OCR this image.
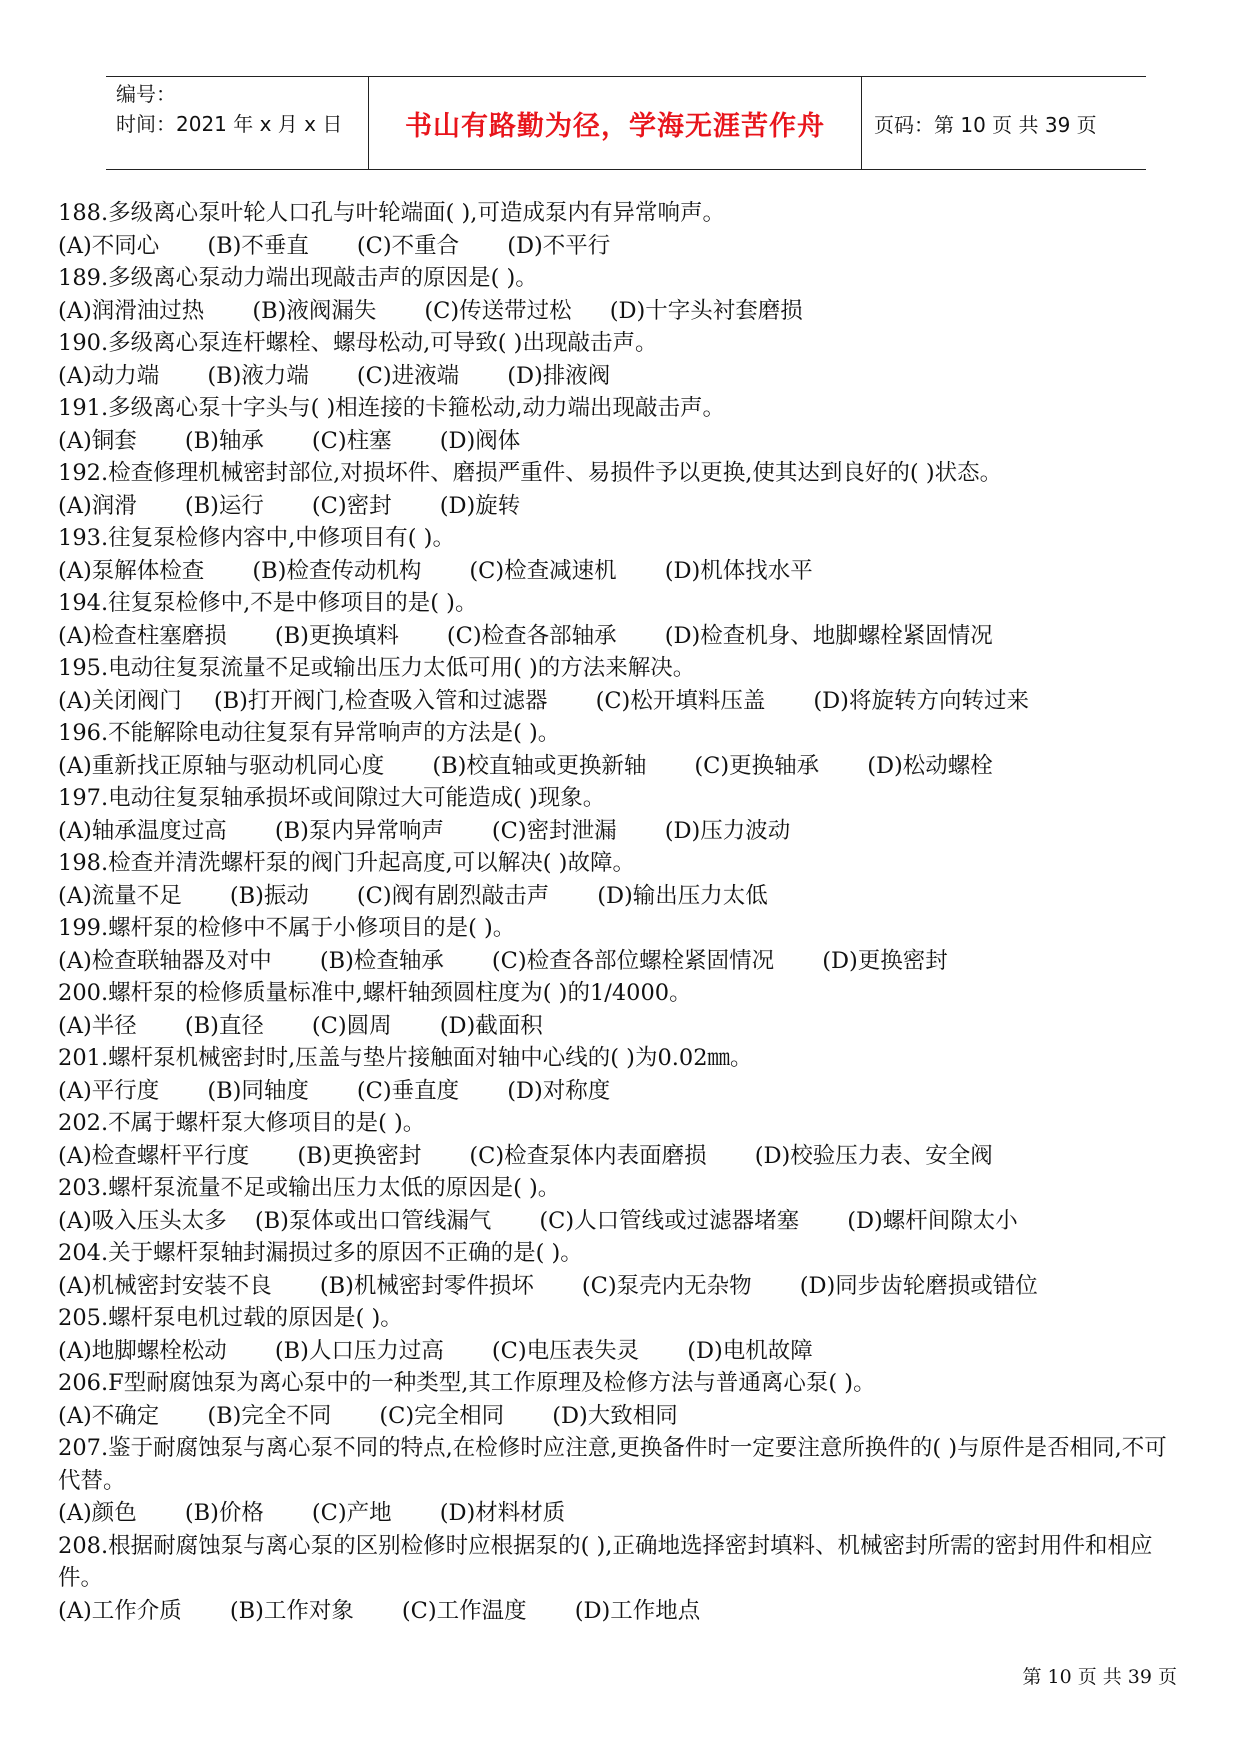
编号：
时间：2021 年 x 月 x 日	书山有路勤为径，学海无涯苦作舟 页码：第 10 页 共 39 页
188.多级离心泵叶轮人口孔与叶轮端面( ),可造成泵内有异常响声。
(A)不同心 (B)不垂直 (C)不重合 (D)不平行
189.多级离心泵动力端出现敲击声的原因是( )。
(A)润滑油过热 (B)液阀漏失 (C)传送带过松 (D)十字头衬套磨损
190.多级离心泵连杆螺栓、螺母松动,可导致( )出现敲击声。
(A)动力端 (B)液力端 (C)进液端 (D)排液阀
191.多级离心泵十字头与( )相连接的卡箍松动,动力端出现敲击声。
(A)铜套 (B)轴承 (C)柱塞 (D)阀体
192.检查修理机械密封部位,对损坏件、磨损严重件、易损件予以更换,使其达到良好的( )状态。
(A)润滑 (B)运行 (C)密封 (D)旋转
193.往复泵检修内容中,中修项目有( )。
(A)泵解体检查 (B)检查传动机构 (C)检查减速机 (D)机体找水平
194.往复泵检修中,不是中修项目的是( )。
(A)检查柱塞磨损 (B)更换填料 (C)检查各部轴承 (D)检查机身、地脚螺栓紧固情况
195.电动往复泵流量不足或输出压力太低可用( )的方法来解决。
(A)关闭阀门 (B)打开阀门,检查吸入管和过滤器 (C)松开填料压盖 (D)将旋转方向转过来
196.不能解除电动往复泵有异常响声的方法是( )。
(A)重新找正原轴与驱动机同心度 (B)校直轴或更换新轴 (C)更换轴承 (D)松动螺栓
197.电动往复泵轴承损坏或间隙过大可能造成( )现象。
(A)轴承温度过高 (B)泵内异常响声 (C)密封泄漏 (D)压力波动
198.检查并清洗螺杆泵的阀门升起高度,可以解决( )故障。
(A)流量不足 (B)振动 (C)阀有剧烈敲击声 (D)输出压力太低
199.螺杆泵的检修中不属于小修项目的是( )。
(A)检查联轴器及对中 (B)检查轴承 (C)检查各部位螺栓紧固情况 (D)更换密封
200.螺杆泵的检修质量标准中,螺杆轴颈圆柱度为( )的1/4000。
(A)半径 (B)直径 (C)圆周 (D)截面积
201.螺杆泵机械密封时,压盖与垫片接触面对轴中心线的( )为0.02㎜。
(A)平行度 (B)同轴度 (C)垂直度 (D)对称度
202.不属于螺杆泵大修项目的是( )。
(A)检查螺杆平行度 (B)更换密封 (C)检查泵体内表面磨损 (D)校验压力表、安全阀
203.螺杆泵流量不足或输出压力太低的原因是( )。
(A)吸入压头太多 (B)泵体或出口管线漏气 (C)人口管线或过滤器堵塞 (D)螺杆间隙太小
204.关于螺杆泵轴封漏损过多的原因不正确的是( )。
(A)机械密封安装不良 (B)机械密封零件损坏 (C)泵壳内无杂物 (D)同步齿轮磨损或错位
205.螺杆泵电机过载的原因是( )。
(A)地脚螺栓松动 (B)人口压力过高 (C)电压表失灵 (D)电机故障
206.F型耐腐蚀泵为离心泵中的一种类型,其工作原理及检修方法与普通离心泵( )。
(A)不确定 (B)完全不同 (C)完全相同 (D)大致相同
207.鉴于耐腐蚀泵与离心泵不同的特点,在检修时应注意,更换备件时一定要注意所换件的( )与原件是否相同,不可代替。
(A)颜色 (B)价格 (C)产地 (D)材料材质
208.根据耐腐蚀泵与离心泵的区别检修时应根据泵的( ),正确地选择密封填料、机械密封所需的密封用件和相应件。
(A)工作介质 (B)工作对象 (C)工作温度 (D)工作地点
第 10 页 共 39 页
